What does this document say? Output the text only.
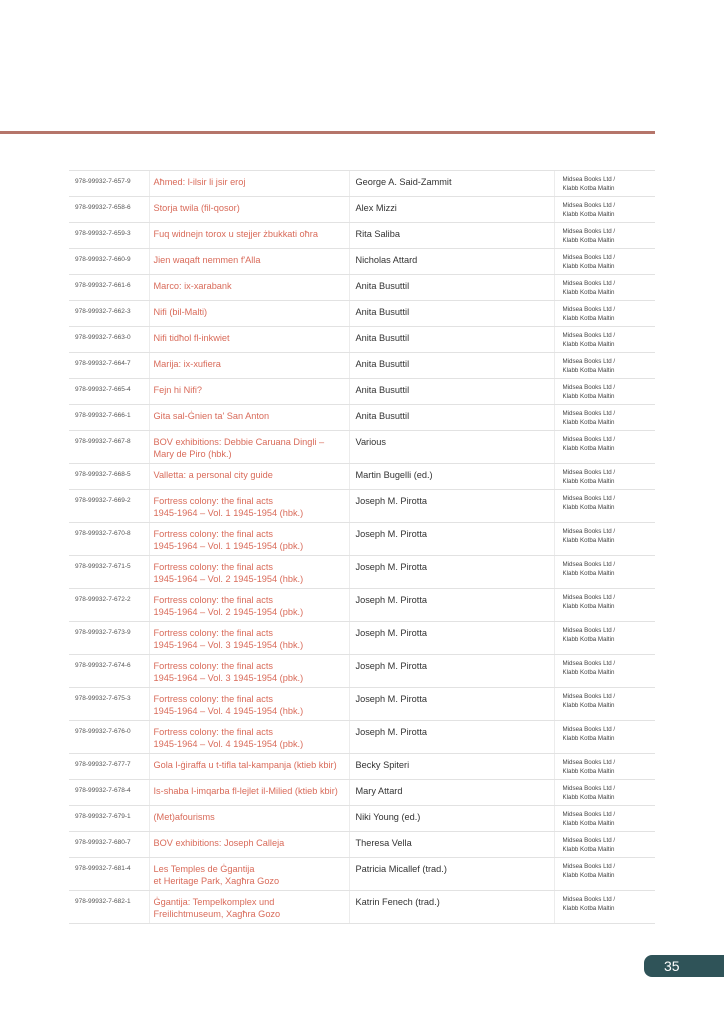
978-99932-7-657-9	Aħmed: l-ilsir li jsir eroj	George A. Said-Zammit	Midsea Books Ltd /
Klabb Kotba Maltin

978-99932-7-658-6	Storja twila (fil-qosor)	Alex Mizzi	Midsea Books Ltd /
Klabb Kotba Maltin

978-99932-7-659-3	Fuq widnejn torox u stejjer żbukkati oħra	Rita Saliba	Midsea Books Ltd /
Klabb Kotba Maltin

978-99932-7-660-9	Jien waqaft nemmen f'Alla	Nicholas Attard	Midsea Books Ltd /
Klabb Kotba Maltin

978-99932-7-661-6	Marco: ix-xarabank	Anita Busuttil	Midsea Books Ltd /
Klabb Kotba Maltin

978-99932-7-662-3	Nifi (bil-Malti)	Anita Busuttil	Midsea Books Ltd /
Klabb Kotba Maltin

978-99932-7-663-0	Nifi tidħol fl-inkwiet	Anita Busuttil	Midsea Books Ltd /
Klabb Kotba Maltin

978-99932-7-664-7	Marija: ix-xufiera	Anita Busuttil	Midsea Books Ltd /
Klabb Kotba Maltin

978-99932-7-665-4	Fejn hi Nifi?	Anita Busuttil	Midsea Books Ltd /
Klabb Kotba Maltin

978-99932-7-666-1	Gita sal-Ġnien ta' San Anton	Anita Busuttil	Midsea Books Ltd /
Klabb Kotba Maltin

978-99932-7-667-8	BOV exhibitions: Debbie Caruana Dingli –
Mary de Piro (hbk.)	Various	Midsea Books Ltd /
Klabb Kotba Maltin

978-99932-7-668-5	Valletta: a personal city guide	Martin Bugelli (ed.)	Midsea Books Ltd /
Klabb Kotba Maltin

978-99932-7-669-2	Fortress colony: the final acts
1945-1964 – Vol. 1 1945-1954 (hbk.)	Joseph M. Pirotta	Midsea Books Ltd /
Klabb Kotba Maltin

978-99932-7-670-8	Fortress colony: the final acts
1945-1964 – Vol. 1 1945-1954 (pbk.)	Joseph M. Pirotta	Midsea Books Ltd /
Klabb Kotba Maltin

978-99932-7-671-5	Fortress colony: the final acts
1945-1964 – Vol. 2 1945-1954 (hbk.)	Joseph M. Pirotta	Midsea Books Ltd /
Klabb Kotba Maltin

978-99932-7-672-2	Fortress colony: the final acts
1945-1964 – Vol. 2 1945-1954 (pbk.)	Joseph M. Pirotta	Midsea Books Ltd /
Klabb Kotba Maltin

978-99932-7-673-9	Fortress colony: the final acts
1945-1964 – Vol. 3 1945-1954 (hbk.)	Joseph M. Pirotta	Midsea Books Ltd /
Klabb Kotba Maltin

978-99932-7-674-6	Fortress colony: the final acts
1945-1964 – Vol. 3 1945-1954 (pbk.)	Joseph M. Pirotta	Midsea Books Ltd /
Klabb Kotba Maltin

978-99932-7-675-3	Fortress colony: the final acts
1945-1964 – Vol. 4 1945-1954 (hbk.)	Joseph M. Pirotta	Midsea Books Ltd /
Klabb Kotba Maltin

978-99932-7-676-0	Fortress colony: the final acts
1945-1964 – Vol. 4 1945-1954 (pbk.)	Joseph M. Pirotta	Midsea Books Ltd /
Klabb Kotba Maltin

978-99932-7-677-7	Gola l-ġiraffa u t-tifla tal-kampanja (ktieb kbir)	Becky Spiteri	Midsea Books Ltd /
Klabb Kotba Maltin

978-99932-7-678-4	Is-shaba l-imqarba fl-lejlet il-Milied (ktieb kbir)	Mary Attard	Midsea Books Ltd /
Klabb Kotba Maltin

978-99932-7-679-1	(Met)afourisms	Niki Young (ed.)	Midsea Books Ltd /
Klabb Kotba Maltin

978-99932-7-680-7	BOV exhibitions: Joseph Calleja	Theresa Vella	Midsea Books Ltd /
Klabb Kotba Maltin

978-99932-7-681-4	Les Temples de Ġgantija
et Heritage Park, Xagħra Gozo	Patricia Micallef (trad.)	Midsea Books Ltd /
Klabb Kotba Maltin

978-99932-7-682-1	Ġgantija: Tempelkomplex und
Freilichtmuseum, Xagħra Gozo	Katrin Fenech (trad.)	Midsea Books Ltd /
Klabb Kotba Maltin
35
